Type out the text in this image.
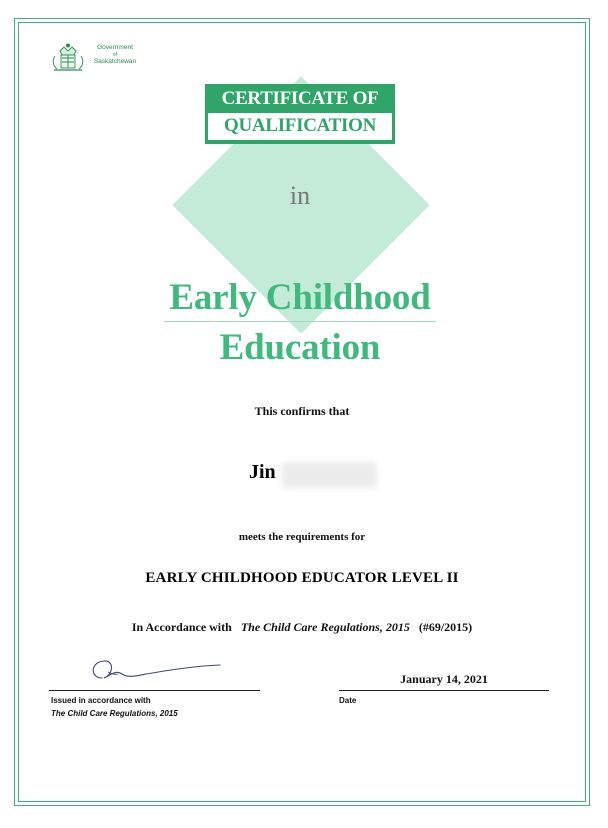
Government
of
Saskatchewan
CERTIFICATE OF
QUALIFICATION
in
Early Childhood
Education
This confirms that
Jin
meets the requirements for
EARLY CHILDHOOD EDUCATOR LEVEL II
In Accordance with The Child Care Regulations, 2015 (#69/2015)
Issued in accordance with
The Child Care Regulations, 2015
January 14, 2021
Date
